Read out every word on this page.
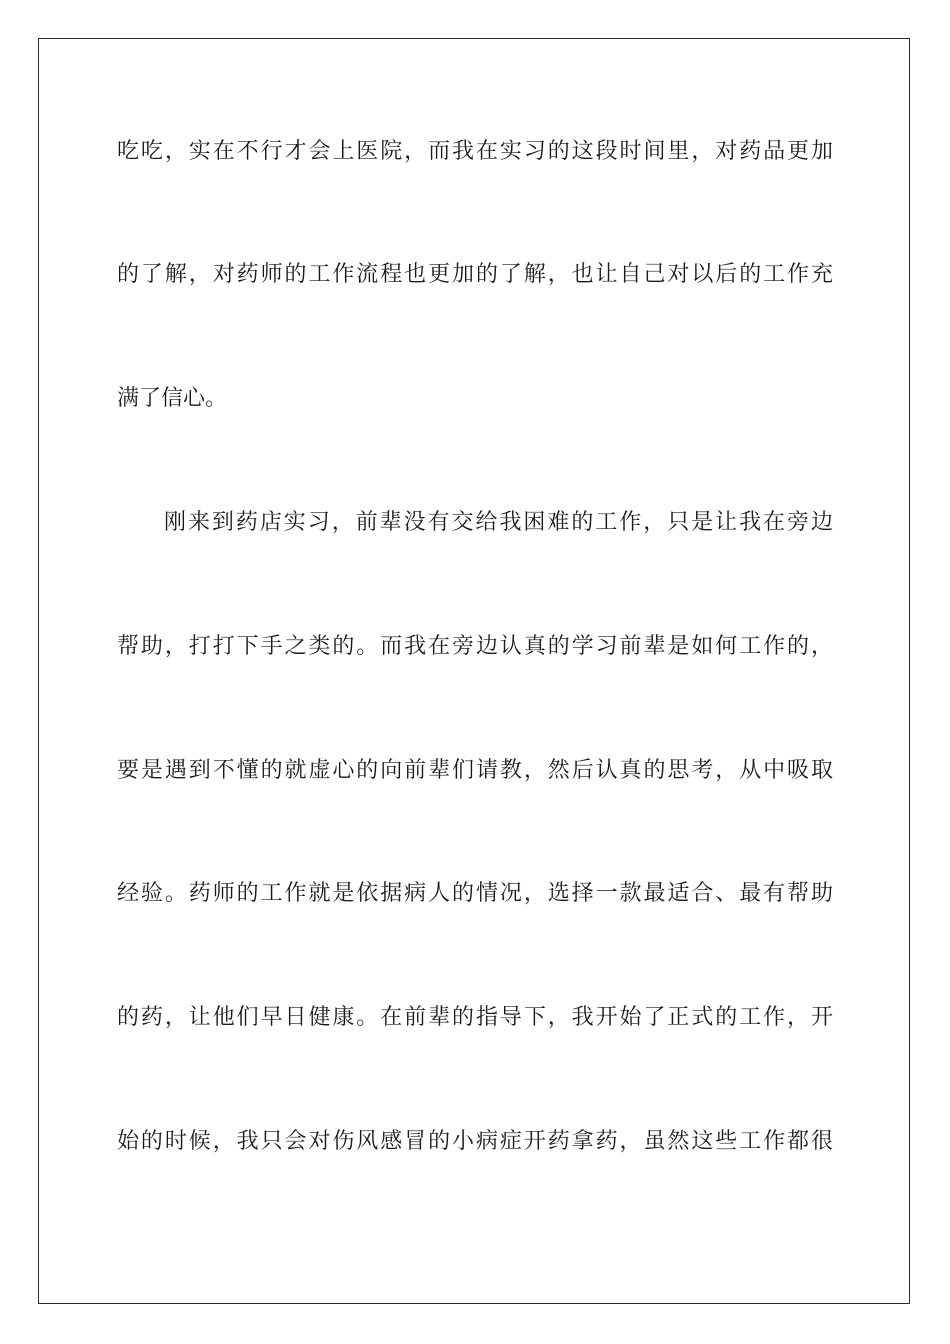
吃吃，实在不行才会上医院，而我在实习的这段时间里，对药品更加
的了解，对药师的工作流程也更加的了解，也让自己对以后的工作充
满了信心。
刚来到药店实习，前辈没有交给我困难的工作，只是让我在旁边
帮助，打打下手之类的。而我在旁边认真的学习前辈是如何工作的，
要是遇到不懂的就虚心的向前辈们请教，然后认真的思考，从中吸取
经验。药师的工作就是依据病人的情况，选择一款最适合、最有帮助
的药，让他们早日健康。在前辈的指导下，我开始了正式的工作，开
始的时候，我只会对伤风感冒的小病症开药拿药，虽然这些工作都很
